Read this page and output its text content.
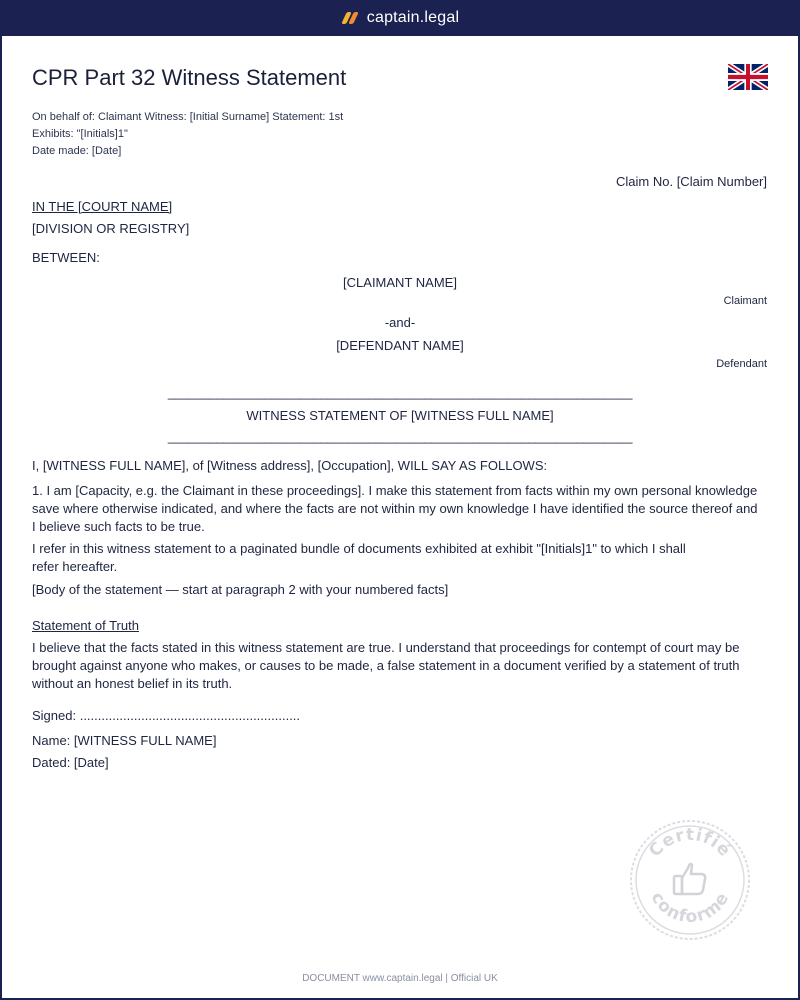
captain.legal
CPR Part 32 Witness Statement
On behalf of: Claimant Witness: [Initial Surname] Statement: 1st
Exhibits: "[Initials]1"
Date made: [Date]
Claim No. [Claim Number]
IN THE [COURT NAME]
[DIVISION OR REGISTRY]
BETWEEN:
[CLAIMANT NAME]
Claimant
-and-
[DEFENDANT NAME]
Defendant
___________________________________________________________________
WITNESS STATEMENT OF [WITNESS FULL NAME]
___________________________________________________________________
I, [WITNESS FULL NAME], of [Witness address], [Occupation], WILL SAY AS FOLLOWS:
1. I am [Capacity, e.g. the Claimant in these proceedings]. I make this statement from facts within my own personal knowledge save where otherwise indicated, and where the facts are not within my own knowledge I have identified the source thereof and I believe such facts to be true.
I refer in this witness statement to a paginated bundle of documents exhibited at exhibit "[Initials]1" to which I shall refer hereafter.
[Body of the statement — start at paragraph 2 with your numbered facts]
Statement of Truth
I believe that the facts stated in this witness statement are true. I understand that proceedings for contempt of court may be brought against anyone who makes, or causes to be made, a false statement in a document verified by a statement of truth without an honest belief in its truth.
Signed: .............................................................
Name: [WITNESS FULL NAME]
Dated: [Date]
Certifié
conforme
DOCUMENT www.captain.legal | Official UK
